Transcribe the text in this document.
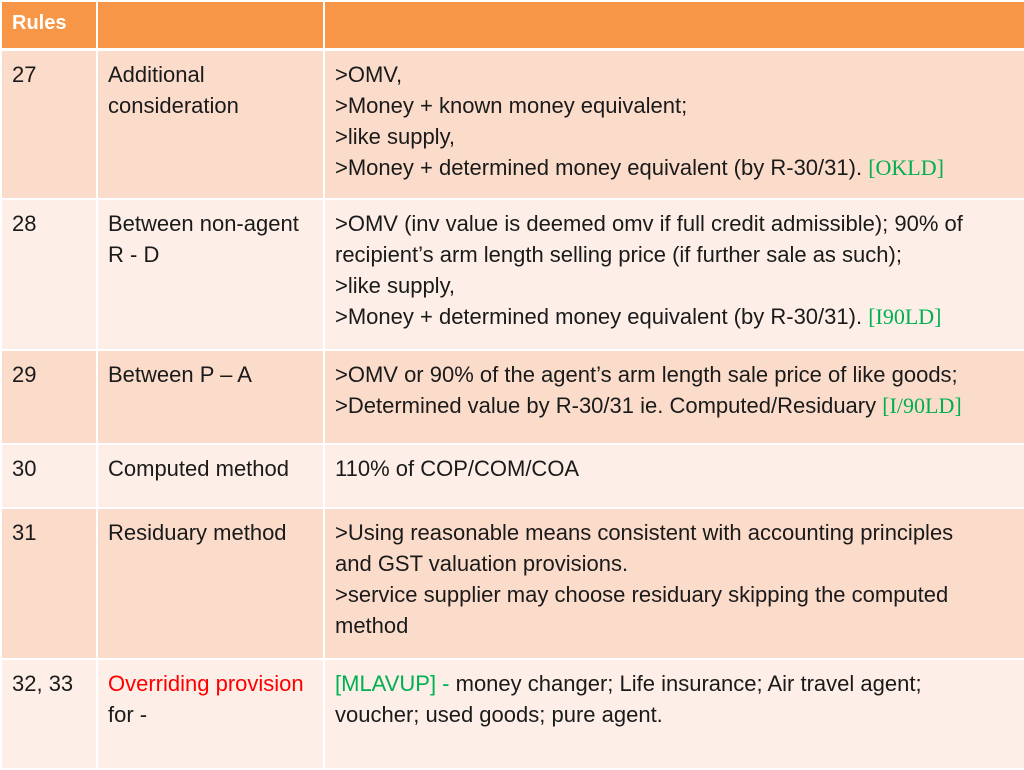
Rules		
27	Additional
consideration	>OMV,
>Money + known money equivalent;
>like supply,
>Money + determined money equivalent (by R-30/31). [OKLD]

28	Between non-agent
R - D	>OMV (inv value is deemed omv if full credit admissible); 90% of
recipient’s arm length selling price (if further sale as such);
>like supply,
>Money + determined money equivalent (by R-30/31). [I90LD]

29	Between P – A	>OMV or 90% of the agent’s arm length sale price of like goods;
>Determined value by R-30/31 ie. Computed/Residuary [I/90LD]

30	Computed method	110% of COP/COM/COA

31	Residuary method	>Using reasonable means consistent with accounting principles
and GST valuation provisions.
>service supplier may choose residuary skipping the computed
method

32, 33	Overriding provision for -	[MLAVUP] - money changer; Life insurance; Air travel agent;
voucher; used goods; pure agent.
